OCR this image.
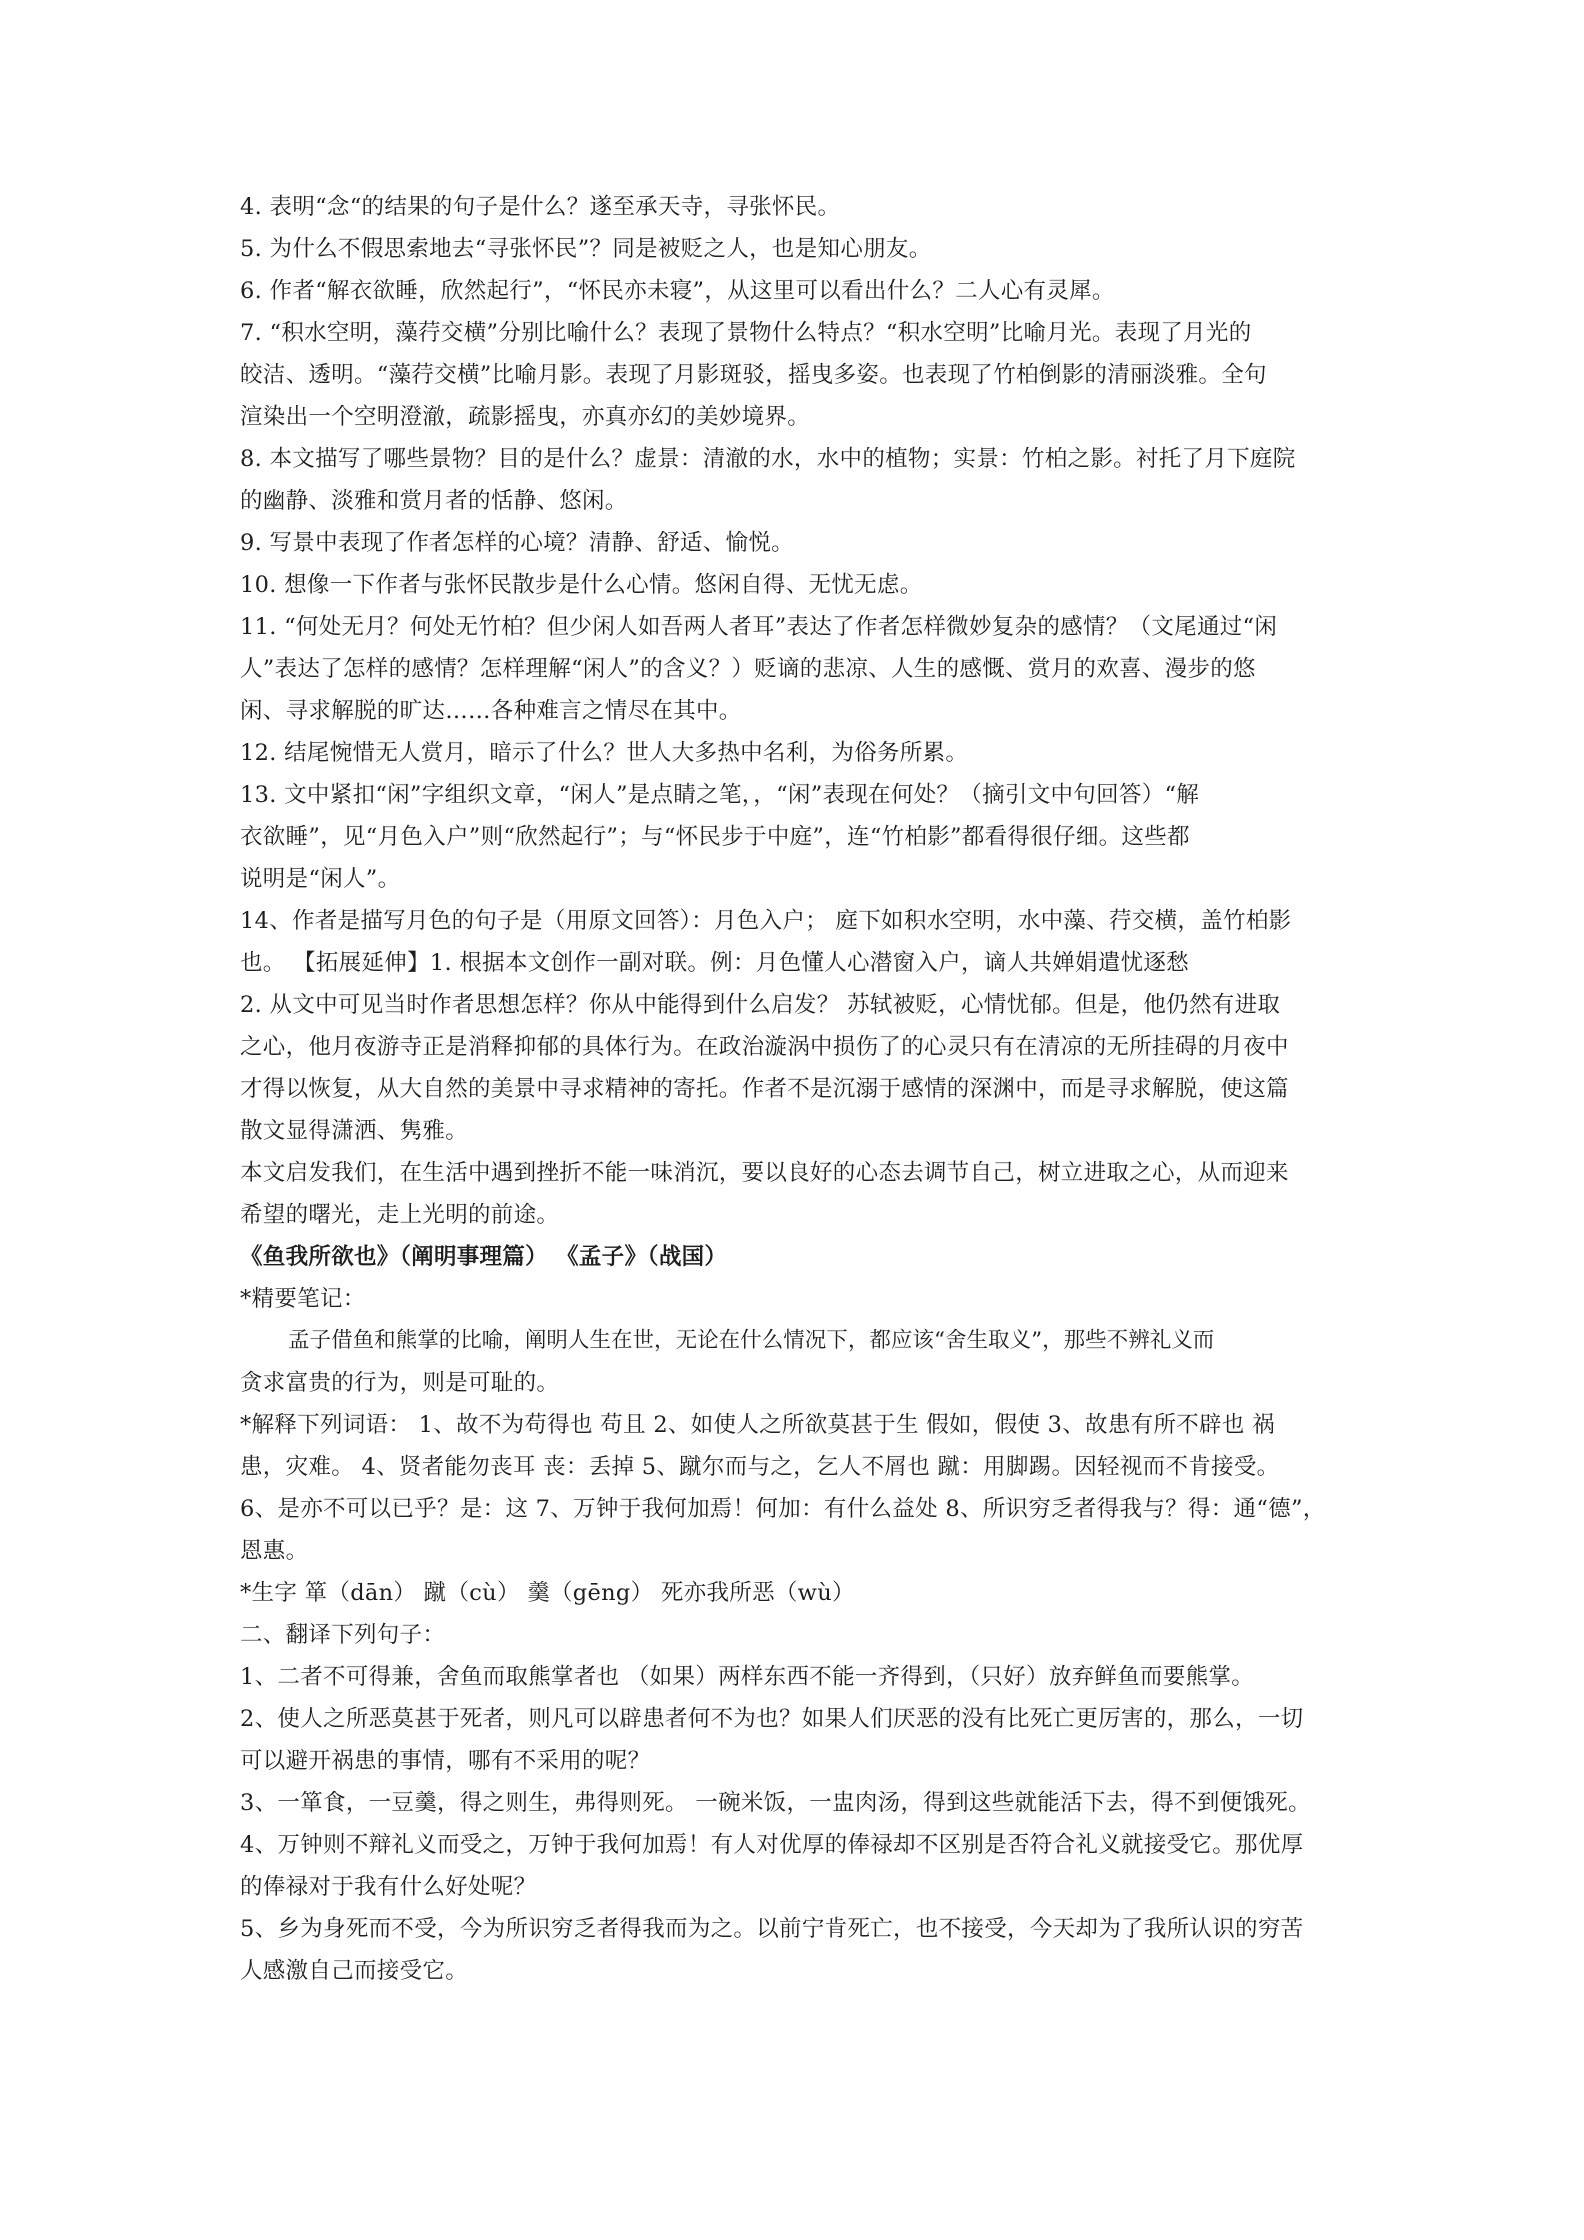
4. 表明“念“的结果的句子是什么？遂至承天寺，寻张怀民。
5. 为什么不假思索地去“寻张怀民”？同是被贬之人，也是知心朋友。
6. 作者“解衣欲睡，欣然起行”，“怀民亦未寝”，从这里可以看出什么？二人心有灵犀。
7. “积水空明，藻荇交横”分别比喻什么？表现了景物什么特点？“积水空明”比喻月光。表现了月光的
皎洁、透明。“藻荇交横”比喻月影。表现了月影斑驳，摇曳多姿。也表现了竹柏倒影的清丽淡雅。全句
渲染出一个空明澄澈，疏影摇曳，亦真亦幻的美妙境界。
8. 本文描写了哪些景物？目的是什么？虚景：清澈的水，水中的植物；实景：竹柏之影。衬托了月下庭院
的幽静、淡雅和赏月者的恬静、悠闲。
9. 写景中表现了作者怎样的心境？清静、舒适、愉悦。
10. 想像一下作者与张怀民散步是什么心情。悠闲自得、无忧无虑。
11. “何处无月？何处无竹柏？但少闲人如吾两人者耳”表达了作者怎样微妙复杂的感情？（文尾通过“闲
人”表达了怎样的感情？怎样理解“闲人”的含义？）贬谪的悲凉、人生的感慨、赏月的欢喜、漫步的悠
闲、寻求解脱的旷达……各种难言之情尽在其中。
12. 结尾惋惜无人赏月，暗示了什么？世人大多热中名利，为俗务所累。
13. 文中紧扣“闲”字组织文章，“闲人”是点睛之笔，，“闲”表现在何处？（摘引文中句回答）“解
衣欲睡”，见“月色入户”则“欣然起行”；与“怀民步于中庭”，连“竹柏影”都看得很仔细。这些都
说明是“闲人”。
14、作者是描写月色的句子是（用原文回答）：月色入户； 庭下如积水空明，水中藻、荇交横，盖竹柏影
也。 【拓展延伸】1. 根据本文创作一副对联。例：月色懂人心潜窗入户，谪人共婵娟遣忧逐愁
2. 从文中可见当时作者思想怎样？你从中能得到什么启发？ 苏轼被贬，心情忧郁。但是，他仍然有进取
之心，他月夜游寺正是消释抑郁的具体行为。在政治漩涡中损伤了的心灵只有在清凉的无所挂碍的月夜中
才得以恢复，从大自然的美景中寻求精神的寄托。作者不是沉溺于感情的深渊中，而是寻求解脱，使这篇
散文显得潇洒、隽雅。
本文启发我们，在生活中遇到挫折不能一味消沉，要以良好的心态去调节自己，树立进取之心，从而迎来
希望的曙光，走上光明的前途。
《鱼我所欲也》（阐明事理篇） 《孟子》（战国）
*精要笔记：
孟子借鱼和熊掌的比喻，阐明人生在世，无论在什么情况下，都应该“舍生取义”，那些不辨礼义而
贪求富贵的行为，则是可耻的。
*解释下列词语： 1、故不为苟得也 苟且 2、如使人之所欲莫甚于生 假如，假使 3、故患有所不辟也 祸
患，灾难。 4、贤者能勿丧耳 丧：丢掉 5、蹴尔而与之，乞人不屑也 蹴：用脚踢。因轻视而不肯接受。
6、是亦不可以已乎？是：这 7、万钟于我何加焉！何加：有什么益处 8、所识穷乏者得我与？得：通“德”，
恩惠。
*生字 箪（dān） 蹴（cù） 羹（gēng） 死亦我所恶（wù）
二、翻译下列句子：
1、二者不可得兼，舍鱼而取熊掌者也 （如果）两样东西不能一齐得到，（只好）放弃鲜鱼而要熊掌。
2、使人之所恶莫甚于死者，则凡可以辟患者何不为也？如果人们厌恶的没有比死亡更厉害的，那么，一切
可以避开祸患的事情，哪有不采用的呢？
3、一箪食，一豆羹，得之则生，弗得则死。 一碗米饭，一盅肉汤，得到这些就能活下去，得不到便饿死。
4、万钟则不辩礼义而受之，万钟于我何加焉！有人对优厚的俸禄却不区别是否符合礼义就接受它。那优厚
的俸禄对于我有什么好处呢？
5、乡为身死而不受，今为所识穷乏者得我而为之。以前宁肯死亡，也不接受，今天却为了我所认识的穷苦
人感激自己而接受它。
